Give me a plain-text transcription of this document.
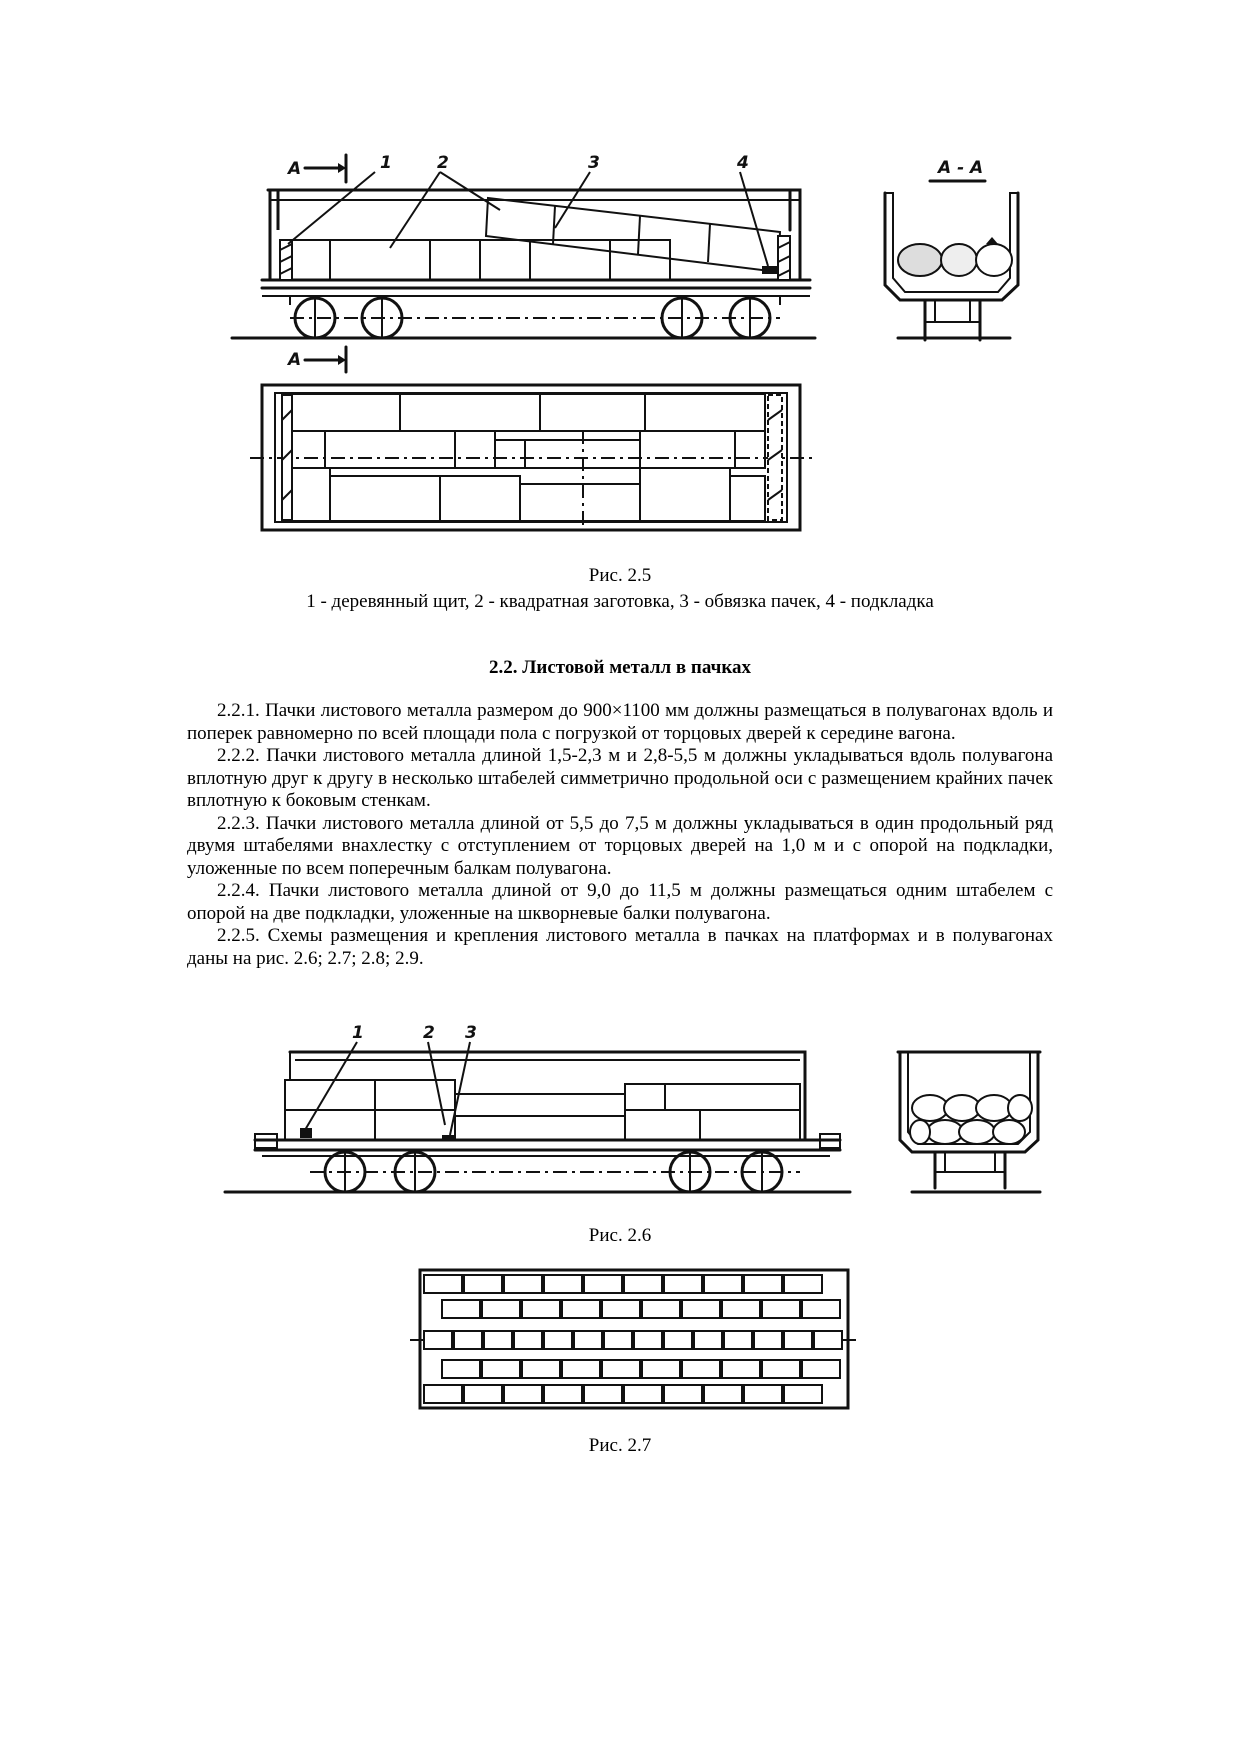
А	1	2	3	4
А
А - А
Рис. 2.5
1 - деревянный щит, 2 - квадратная заготовка, 3 - обвязка пачек, 4 - подкладка
2.2. Листовой металл в пачках

2.2.1. Пачки листового металла размером до 900×1100 мм должны размещаться в полувагонах вдоль и поперек равномерно по всей площади пола с погрузкой от торцовых дверей к середине вагона.

2.2.2. Пачки листового металла длиной 1,5-2,3 м и 2,8-5,5 м должны укладываться вдоль полувагона вплотную друг к другу в несколько штабелей симметрично продольной оси с размещением крайних пачек вплотную к боковым стенкам.

2.2.3. Пачки листового металла длиной от 5,5 до 7,5 м должны укладываться в один продольный ряд двумя штабелями внахлестку с отступлением от торцовых дверей на 1,0 м и с опорой на подкладки, уложенные по всем поперечным балкам полувагона.

2.2.4. Пачки листового металла длиной от 9,0 до 11,5 м должны размещаться одним штабелем с опорой на две подкладки, уложенные на шкворневые балки полувагона.

2.2.5. Схемы размещения и крепления листового металла в пачках на платформах и в полувагонах даны на рис. 2.6; 2.7; 2.8; 2.9.

1	2 3
Рис. 2.6
Рис. 2.7
